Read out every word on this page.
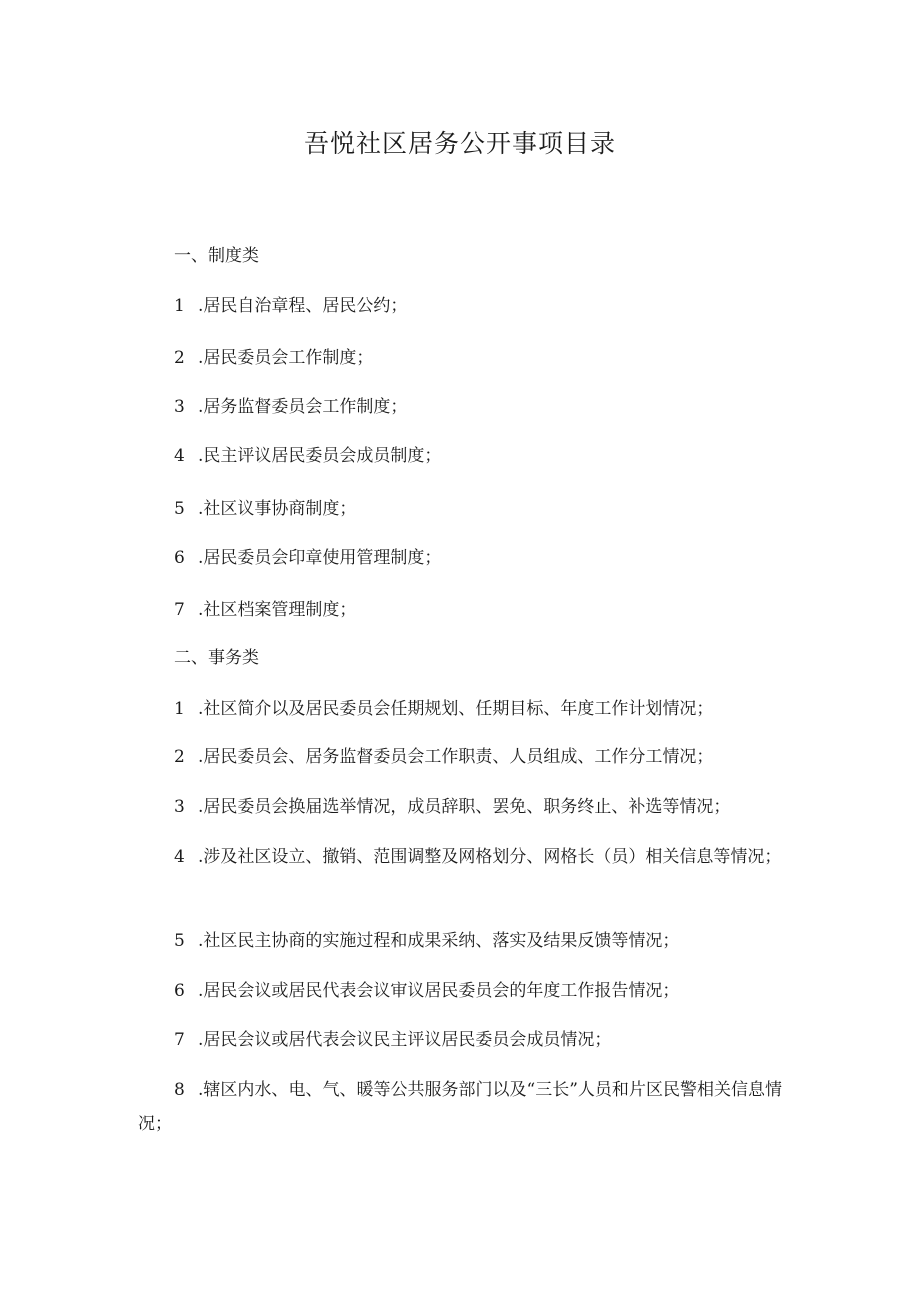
吾悦社区居务公开事项目录

一、制度类

1 .居民自治章程、居民公约；

2 .居民委员会工作制度；

3 .居务监督委员会工作制度；

4 .民主评议居民委员会成员制度；

5 .社区议事协商制度；

6 .居民委员会印章使用管理制度；

7 .社区档案管理制度；

二、事务类

1 .社区简介以及居民委员会任期规划、任期目标、年度工作计划情况；

2 .居民委员会、居务监督委员会工作职责、人员组成、工作分工情况；

3 .居民委员会换届选举情况，成员辞职、罢免、职务终止、补选等情况；

4 .涉及社区设立、撤销、范围调整及网格划分、网格长（员）相关信息等情况；

5 .社区民主协商的实施过程和成果采纳、落实及结果反馈等情况；

6 .居民会议或居民代表会议审议居民委员会的年度工作报告情况；

7 .居民会议或居代表会议民主评议居民委员会成员情况；

8 .辖区内水、电、气、暖等公共服务部门以及“三长”人员和片区民警相关信息情况；
